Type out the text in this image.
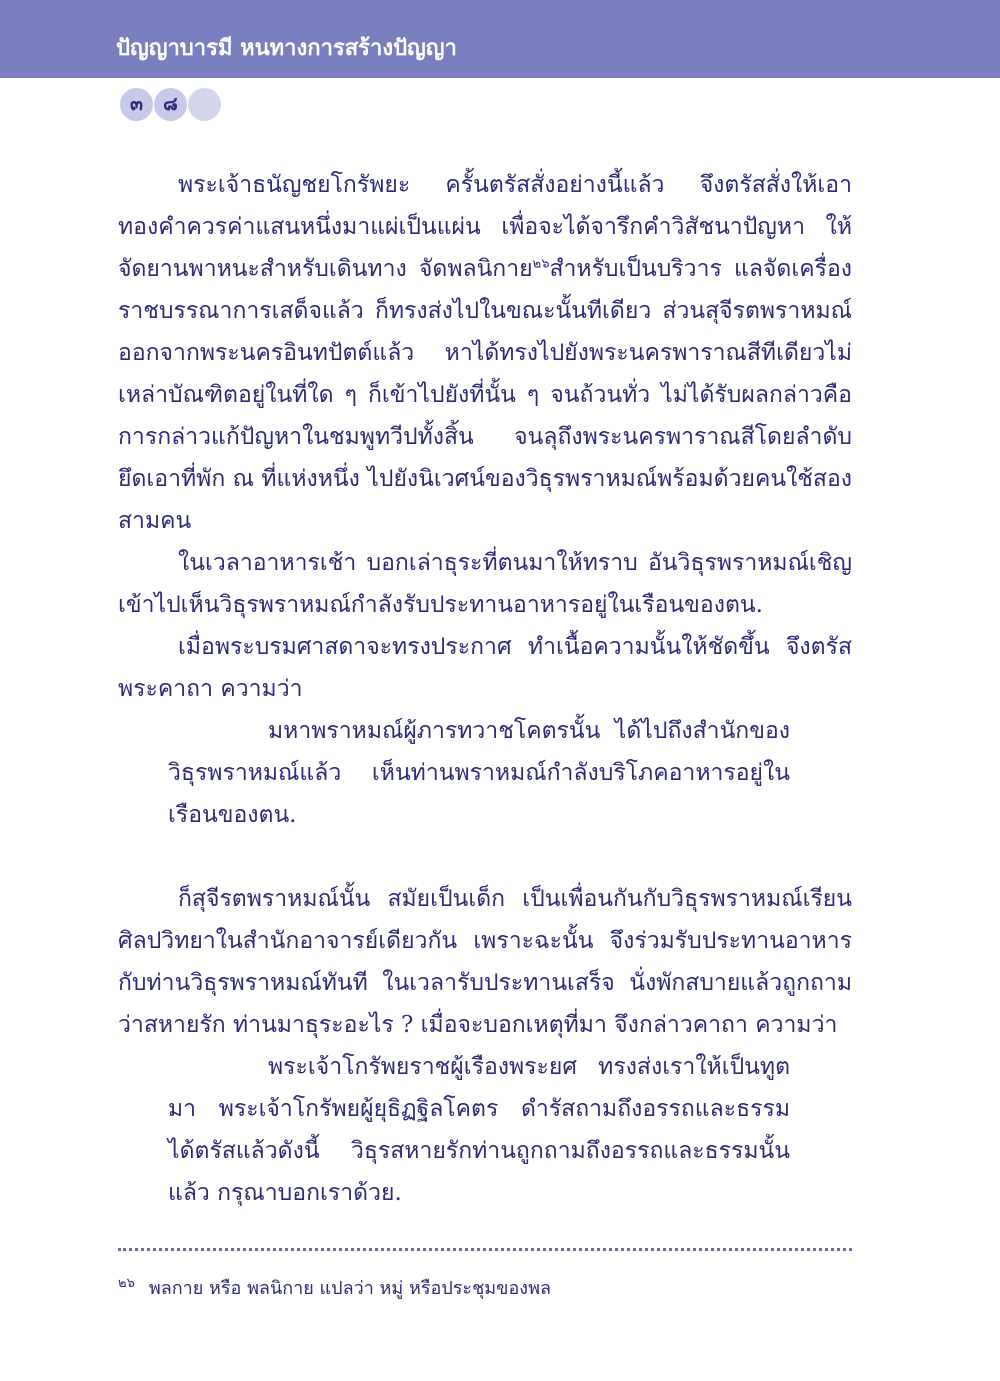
ปัญญาบารมี หนทางการสร้างปัญญา
๓	๘

พระเจ้าธนัญชยโกรัพยะ ครั้นตรัสสั่งอย่างนี้แล้ว จึงตรัสสั่งให้เอาทองคำควรค่าแสนหนึ่งมาแผ่เป็นแผ่น เพื่อจะได้จารึกคำวิสัชนาปัญหา ให้จัดยานพาหนะสำหรับเดินทาง จัดพลนิกาย$^{๒๖}$สำหรับเป็นบริวาร แลจัดเครื่องราชบรรณาการเสด็จแล้ว ก็ทรงส่งไปในขณะนั้นทีเดียว ส่วนสุจีรตพราหมณ์ออกจากพระนครอินทปัตต์แล้ว หาได้ทรงไปยังพระนครพาราณสีทีเดียวไม่ เหล่าบัณฑิตอยู่ในที่ใด ๆ ก็เข้าไปยังที่นั้น ๆ จนถ้วนทั่ว ไม่ได้รับผลกล่าวคือการกล่าวแก้ปัญหาในชมพูทวีปทั้งสิ้น จนลุถึงพระนครพาราณสีโดยลำดับ ยึดเอาที่พัก ณ ที่แห่งหนึ่ง ไปยังนิเวศน์ของวิธุรพราหมณ์พร้อมด้วยคนใช้สองสามคน

ในเวลาอาหารเช้า บอกเล่าธุระที่ตนมาให้ทราบ อันวิธุรพราหมณ์เชิญเข้าไปเห็นวิธุรพราหมณ์กำลังรับประทานอาหารอยู่ในเรือนของตน.

เมื่อพระบรมศาสดาจะทรงประกาศ ทำเนื้อความนั้นให้ชัดขึ้น จึงตรัสพระคาถา ความว่า

มหาพราหมณ์ผู้ภารทวาชโคตรนั้น ได้ไปถึงสำนักของวิธุรพราหมณ์แล้ว เห็นท่านพราหมณ์กำลังบริโภคอาหารอยู่ในเรือนของตน.

ก็สุจีรตพราหมณ์นั้น สมัยเป็นเด็ก เป็นเพื่อนกันกับวิธุรพราหมณ์เรียนศิลปวิทยาในสำนักอาจารย์เดียวกัน เพราะฉะนั้น จึงร่วมรับประทานอาหารกับท่านวิธุรพราหมณ์ทันที ในเวลารับประทานเสร็จ นั่งพักสบายแล้วถูกถามว่าสหายรัก ท่านมาธุระอะไร ? เมื่อจะบอกเหตุที่มา จึงกล่าวคาถา ความว่า

พระเจ้าโกรัพยราชผู้เรืองพระยศ ทรงส่งเราให้เป็นทูตมา พระเจ้าโกรัพยผู้ยุธิฏฐิลโคตร ดำรัสถามถึงอรรถและธรรม ได้ตรัสแล้วดังนี้ วิธุรสหายรักท่านถูกถามถึงอรรถและธรรมนั้นแล้ว กรุณาบอกเราด้วย.

$^{๒๖}$ พลกาย หรือ พลนิกาย แปลว่า หมู่ หรือประชุมของพล
